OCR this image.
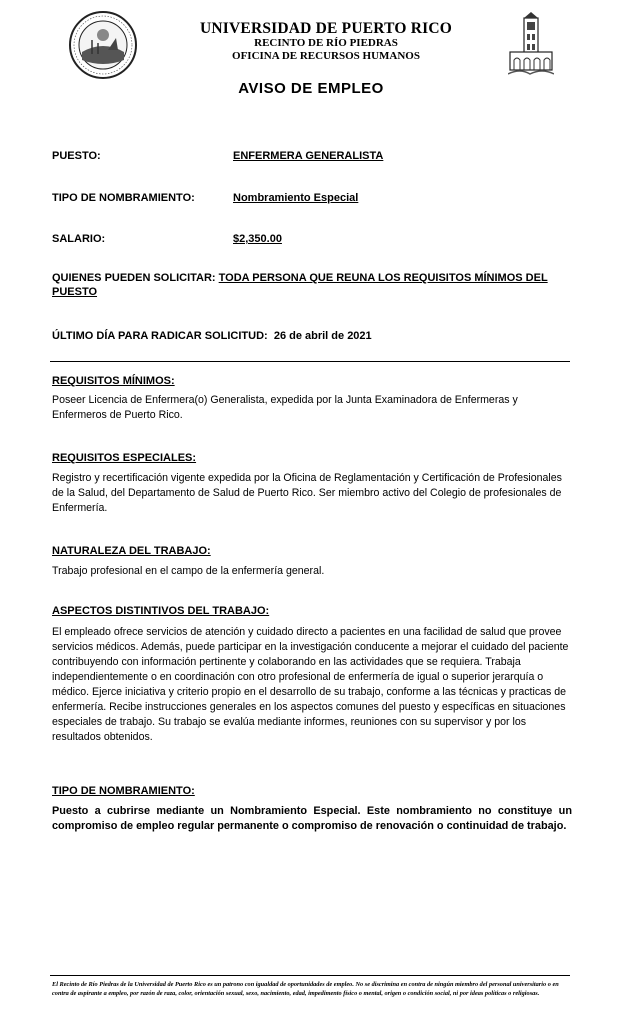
UNIVERSIDAD DE PUERTO RICO
RECINTO DE RÍO PIEDRAS
OFICINA DE RECURSOS HUMANOS
AVISO DE EMPLEO
PUESTO:	ENFERMERA GENERALISTA
TIPO DE NOMBRAMIENTO:	Nombramiento Especial
SALARIO:	$2,350.00
QUIENES PUEDEN SOLICITAR: TODA PERSONA QUE REUNA LOS REQUISITOS MÍNIMOS DEL PUESTO
ÚLTIMO DÍA PARA RADICAR SOLICITUD: 26 de abril de 2021
REQUISITOS MÍNIMOS:
Poseer Licencia de Enfermera(o) Generalista, expedida por la Junta Examinadora de Enfermeras y Enfermeros de Puerto Rico.
REQUISITOS ESPECIALES:
Registro y recertificación vigente expedida por la Oficina de Reglamentación y Certificación de Profesionales de la Salud, del Departamento de Salud de Puerto Rico. Ser miembro activo del Colegio de profesionales de Enfermería.
NATURALEZA DEL TRABAJO:
Trabajo profesional en el campo de la enfermería general.
ASPECTOS DISTINTIVOS DEL TRABAJO:
El empleado ofrece servicios de atención y cuidado directo a pacientes en una facilidad de salud que provee servicios médicos. Además, puede participar en la investigación conducente a mejorar el cuidado del paciente contribuyendo con información pertinente y colaborando en las actividades que se requiera. Trabaja independientemente o en coordinación con otro profesional de enfermería de igual o superior jerarquía o médico. Ejerce iniciativa y criterio propio en el desarrollo de su trabajo, conforme a las técnicas y practicas de enfermería. Recibe instrucciones generales en los aspectos comunes del puesto y específicas en situaciones especiales de trabajo. Su trabajo se evalúa mediante informes, reuniones con su supervisor y por los resultados obtenidos.
TIPO DE NOMBRAMIENTO:
Puesto a cubrirse mediante un Nombramiento Especial. Este nombramiento no constituye un compromiso de empleo regular permanente o compromiso de renovación o continuidad de trabajo.
El Recinto de Río Piedras de la Universidad de Puerto Rico es un patrono con igualdad de oportunidades de empleo. No se discrimina en contra de ningún miembro del personal universitario o en contra de aspirante a empleo, por razón de raza, color, orientación sexual, sexo, nacimiento, edad, impedimento físico o mental, origen o condición social, ni por ideas políticas o religiosas.
